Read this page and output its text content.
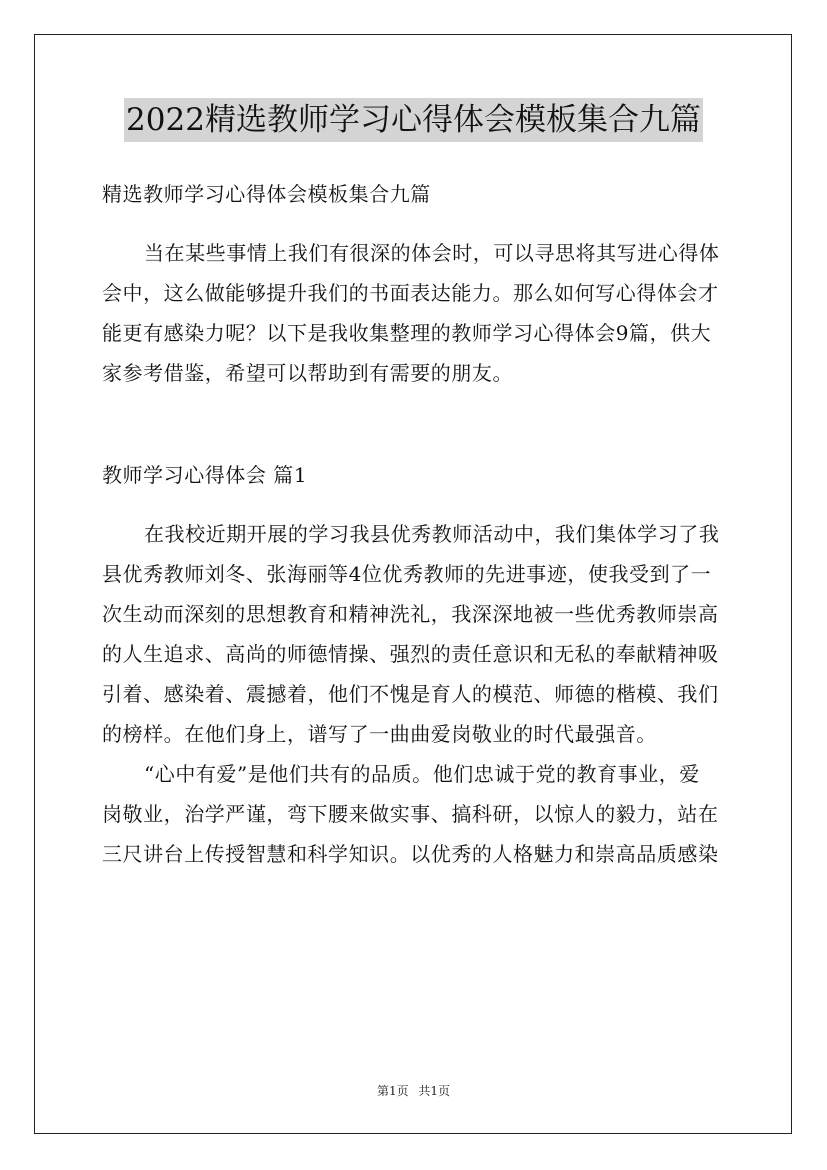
2022精选教师学习心得体会模板集合九篇
精选教师学习心得体会模板集合九篇
当在某些事情上我们有很深的体会时，可以寻思将其写进心得体
会中，这么做能够提升我们的书面表达能力。那么如何写心得体会才
能更有感染力呢？以下是我收集整理的教师学习心得体会9篇，供大
家参考借鉴，希望可以帮助到有需要的朋友。
教师学习心得体会 篇1
在我校近期开展的学习我县优秀教师活动中，我们集体学习了我
县优秀教师刘冬、张海丽等4位优秀教师的先进事迹，使我受到了一
次生动而深刻的思想教育和精神洗礼，我深深地被一些优秀教师崇高
的人生追求、高尚的师德情操、强烈的责任意识和无私的奉献精神吸
引着、感染着、震撼着，他们不愧是育人的模范、师德的楷模、我们
的榜样。在他们身上，谱写了一曲曲爱岗敬业的时代最强音。
“心中有爱”是他们共有的品质。他们忠诚于党的教育事业，爱
岗敬业，治学严谨，弯下腰来做实事、搞科研，以惊人的毅力，站在
三尺讲台上传授智慧和科学知识。以优秀的人格魅力和崇高品质感染
第1页 共1页
